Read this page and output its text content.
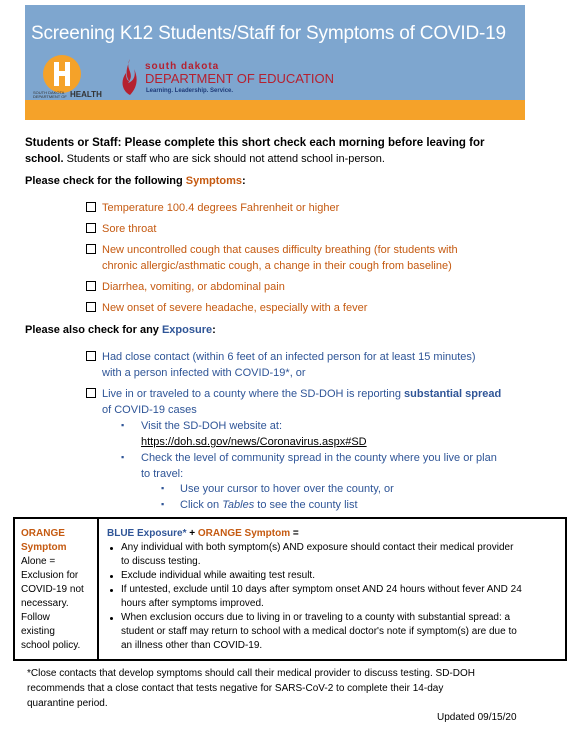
Screening K12 Students/Staff for Symptoms of COVID-19
SOUTH DAKOTA DEPARTMENT OF HEALTH
south dakota
DEPARTMENT OF EDUCATION
Learning. Leadership. Service.
Students or Staff: Please complete this short check each morning before leaving for
school. Students or staff who are sick should not attend school in-person.
Please check for the following Symptoms:
Temperature 100.4 degrees Fahrenheit or higher
Sore throat
New uncontrolled cough that causes difficulty breathing (for students with
chronic allergic/asthmatic cough, a change in their cough from baseline)
Diarrhea, vomiting, or abdominal pain
New onset of severe headache, especially with a fever
Please also check for any Exposure:
Had close contact (within 6 feet of an infected person for at least 15 minutes)
with a person infected with COVID-19*, or
Live in or traveled to a county where the SD-DOH is reporting substantial spread
of COVID-19 cases
▪ Visit the SD-DOH website at:
https://doh.sd.gov/news/Coronavirus.aspx#SD
▪ Check the level of community spread in the county where you live or plan
to travel:
▪ Use your cursor to hover over the county, or
▪ Click on Tables to see the county list
ORANGE
Symptom
Alone =
Exclusion for
COVID-19 not
necessary.
Follow
existing
school policy.
BLUE Exposure* + ORANGE Symptom =
Any individual with both symptom(s) AND exposure should contact their medical provider
to discuss testing.
Exclude individual while awaiting test result.
If untested, exclude until 10 days after symptom onset AND 24 hours without fever AND 24
hours after symptoms improved.
When exclusion occurs due to living in or traveling to a county with substantial spread: a
student or staff may return to school with a medical doctor's note if symptom(s) are due to
an illness other than COVID-19.
*Close contacts that develop symptoms should call their medical provider to discuss testing. SD-DOH
recommends that a close contact that tests negative for SARS-CoV-2 to complete their 14-day
quarantine period.
Updated 09/15/20
